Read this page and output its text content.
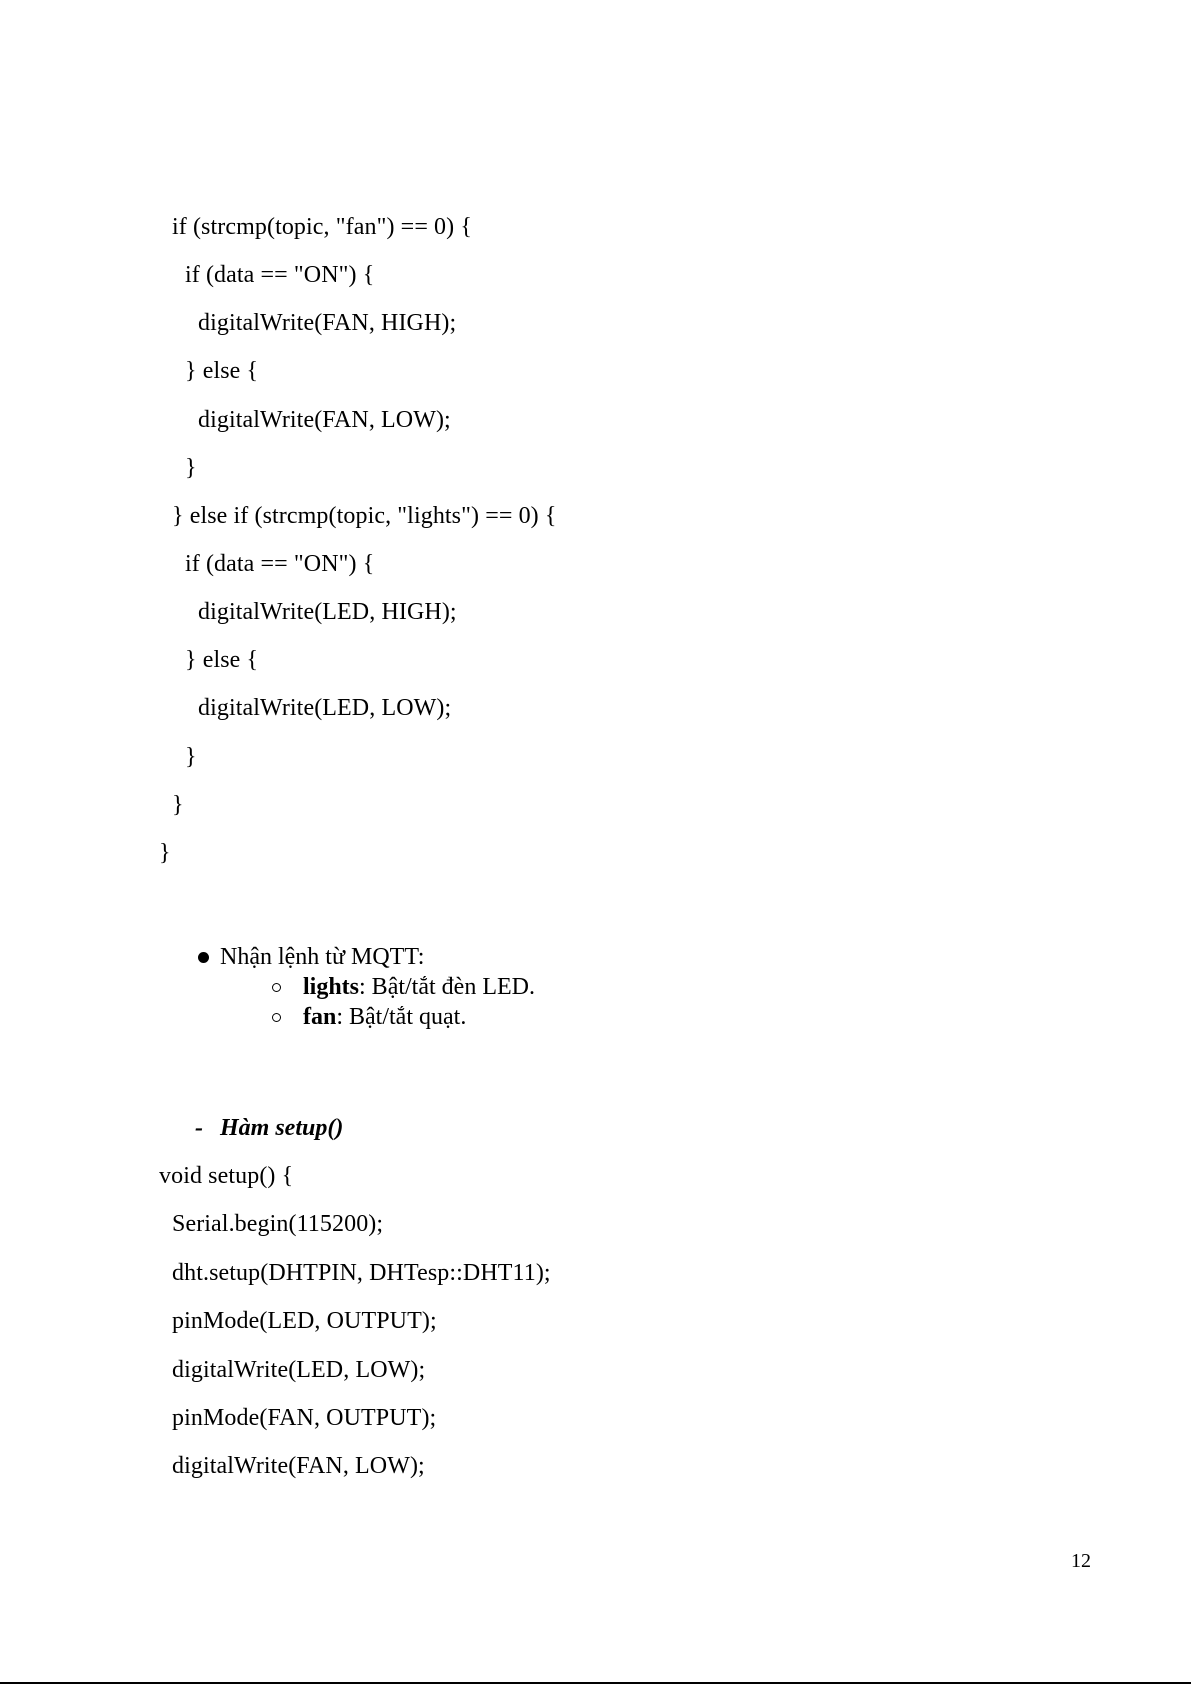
if (strcmp(topic, "fan") == 0) {
if (data == "ON") {
digitalWrite(FAN, HIGH);
} else {
digitalWrite(FAN, LOW);
}
} else if (strcmp(topic, "lights") == 0) {
if (data == "ON") {
digitalWrite(LED, HIGH);
} else {
digitalWrite(LED, LOW);
}
}
}
Nhận lệnh từ MQTT:
lights: Bật/tắt đèn LED.
fan: Bật/tắt quạt.
- Hàm setup()
void setup() {
Serial.begin(115200);
dht.setup(DHTPIN, DHTesp::DHT11);
pinMode(LED, OUTPUT);
digitalWrite(LED, LOW);
pinMode(FAN, OUTPUT);
digitalWrite(FAN, LOW);
12
